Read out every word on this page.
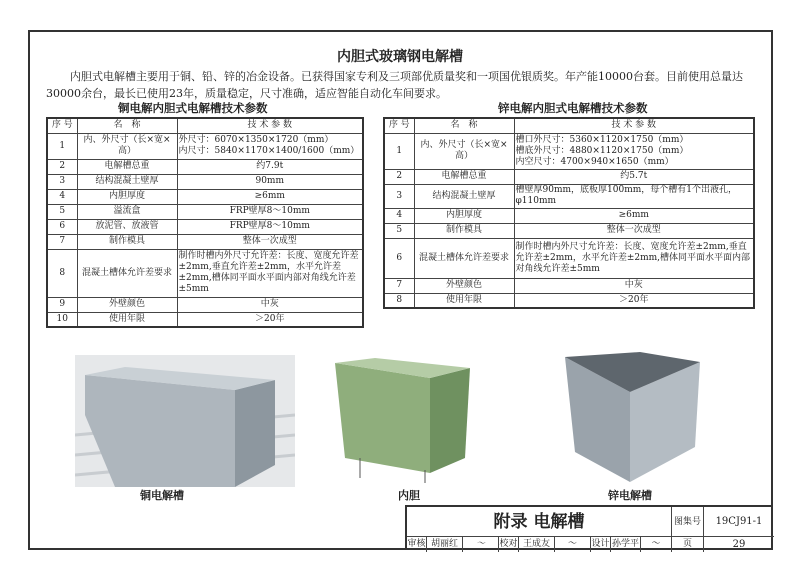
内胆式玻璃钢电解槽
内胆式电解槽主要用于铜、铅、锌的冶金设备。已获得国家专利及三项部优质量奖和一项国优银质奖。年产能10000台套。目前使用总量达30000余台，最长已使用23年，质量稳定，尺寸准确，适应智能自动化车间要求。
铜电解内胆式电解槽技术参数	锌电解内胆式电解槽技术参数
序 号	名　称	技 术 参 数
1	内、外尺寸（长×宽×高）	外尺寸：6070×1350×1720（mm）
内尺寸：5840×1170×1400/1600（mm）
2	电解槽总重	约7.9t
3	结构混凝土壁厚	90mm
4	内胆厚度	≥6mm
5	溢流盒	FRP壁厚8～10mm
6	放泥管、放液管	FRP壁厚8～10mm
7	制作模具	整体一次成型
8	混凝土槽体允许差要求	制作时槽内外尺寸允许差：长度、宽度允许差±2mm,垂直允许差±2mm，水平允许差±2mm,槽体同平面水平面内部对角线允许差±5mm
9	外壁颜色	中灰
10	使用年限	＞20年
序 号	名　称	技 术 参 数
1	内、外尺寸（长×宽×高）	槽口外尺寸：5360×1120×1750（mm）
槽底外尺寸：4880×1120×1750（mm）
内空尺寸：4700×940×1650（mm）
2	电解槽总重	约5.7t
3	结构混凝土壁厚	槽壁厚90mm，底板厚100mm，每个槽有1个出液孔，φ110mm
4	内胆厚度	≥6mm
5	制作模具	整体一次成型
6	混凝土槽体允许差要求	制作时槽内外尺寸允许差：长度、宽度允许差±2mm,垂直允许差±2mm，水平允许差±2mm,槽体同平面水平面内部对角线允许差±5mm
7	外壁颜色	中灰
8	使用年限	＞20年
铜电解槽	内胆	锌电解槽
附录 电解槽	图集号	19CJ91-1
审核 胡丽红	～	校对 王成友	～	设计 孙学平	～	页	29
